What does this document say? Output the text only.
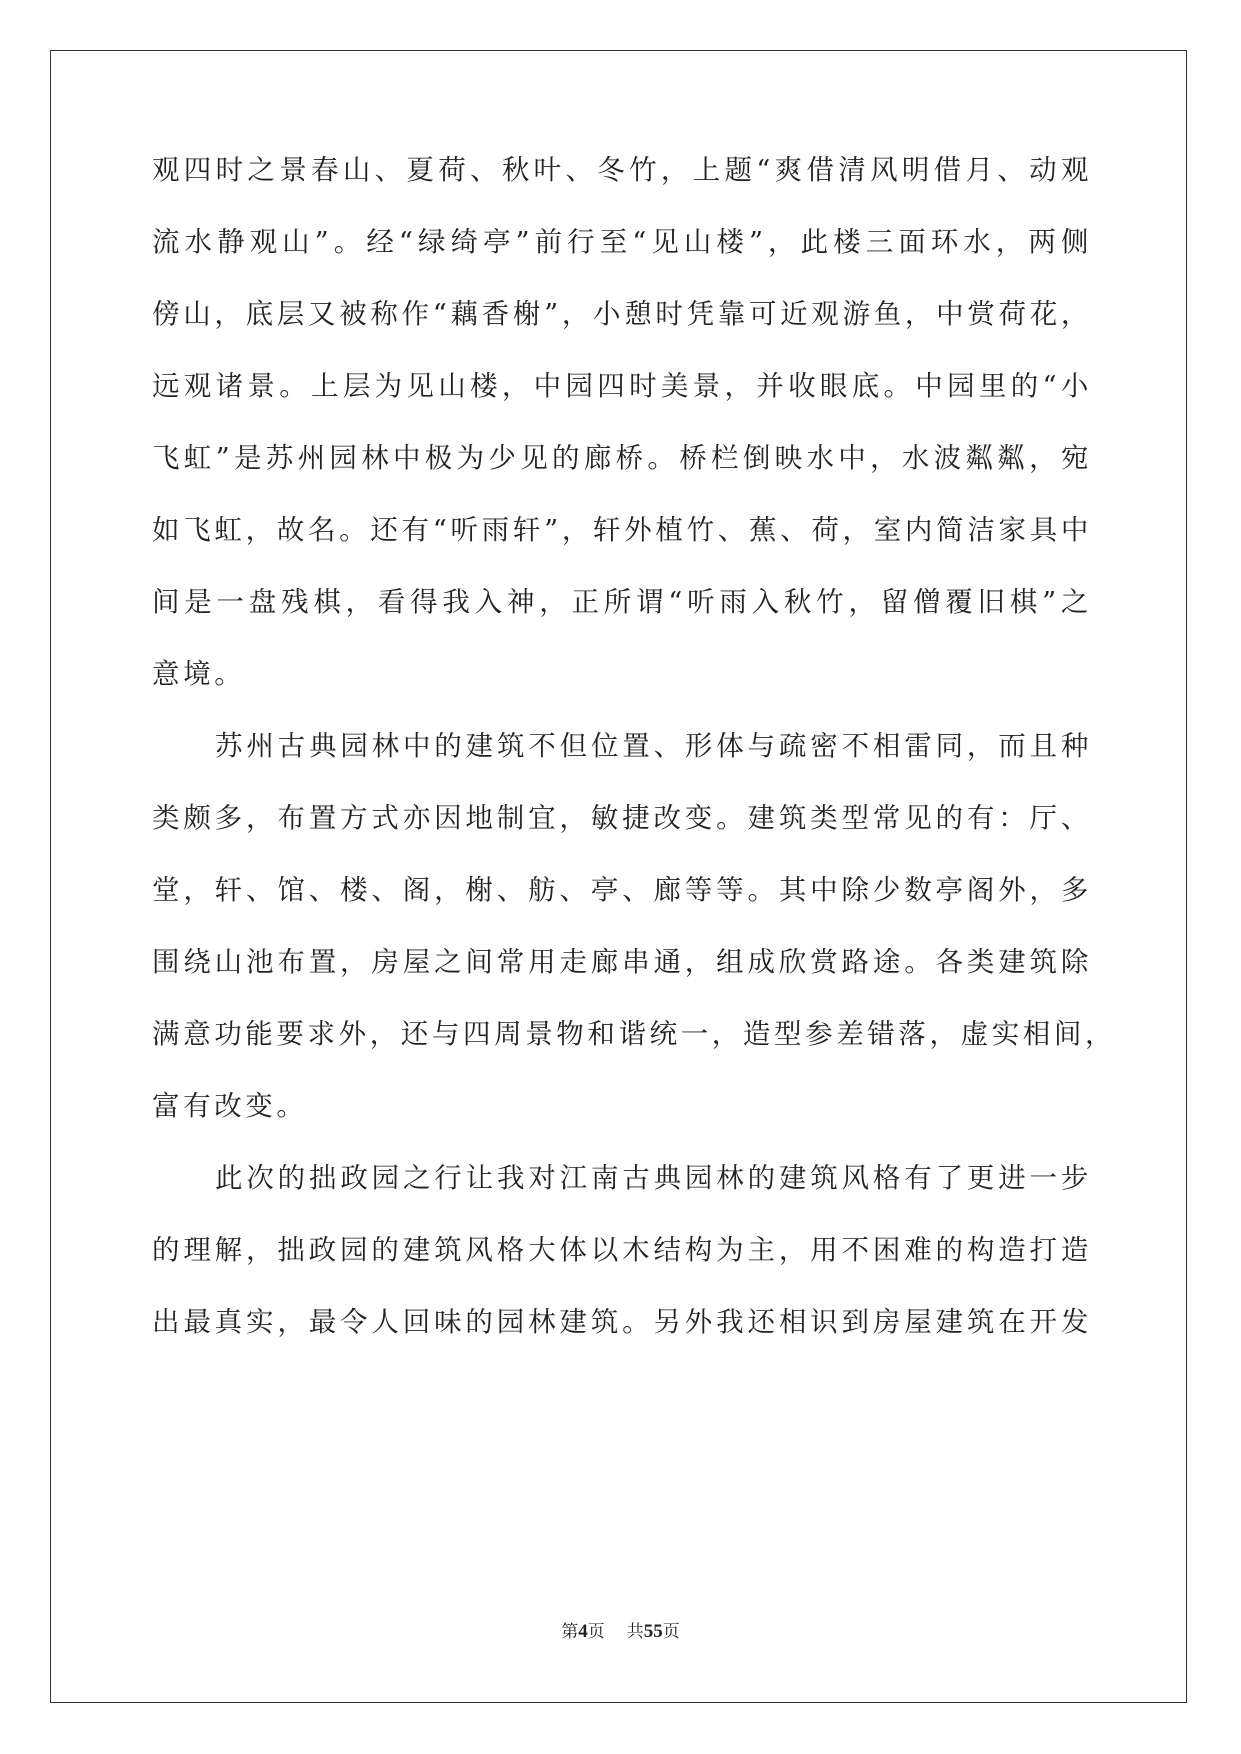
观四时之景春山、夏荷、秋叶、冬竹，上题“爽借清风明借月、动观
流水静观山”。经“绿绮亭”前行至“见山楼”，此楼三面环水，两侧
傍山，底层又被称作“藕香榭”，小憩时凭靠可近观游鱼，中赏荷花，
远观诸景。上层为见山楼，中园四时美景，并收眼底。中园里的“小
飞虹”是苏州园林中极为少见的廊桥。桥栏倒映水中，水波粼粼，宛
如飞虹，故名。还有“听雨轩”，轩外植竹、蕉、荷，室内简洁家具中
间是一盘残棋，看得我入神，正所谓“听雨入秋竹，留僧覆旧棋”之
意境。
苏州古典园林中的建筑不但位置、形体与疏密不相雷同，而且种
类颇多，布置方式亦因地制宜，敏捷改变。建筑类型常见的有：厅、
堂，轩、馆、楼、阁，榭、舫、亭、廊等等。其中除少数亭阁外，多
围绕山池布置，房屋之间常用走廊串通，组成欣赏路途。各类建筑除
满意功能要求外，还与四周景物和谐统一，造型参差错落，虚实相间，
富有改变。
此次的拙政园之行让我对江南古典园林的建筑风格有了更进一步
的理解，拙政园的建筑风格大体以木结构为主，用不困难的构造打造
出最真实，最令人回味的园林建筑。另外我还相识到房屋建筑在开发
第4页 共55页
